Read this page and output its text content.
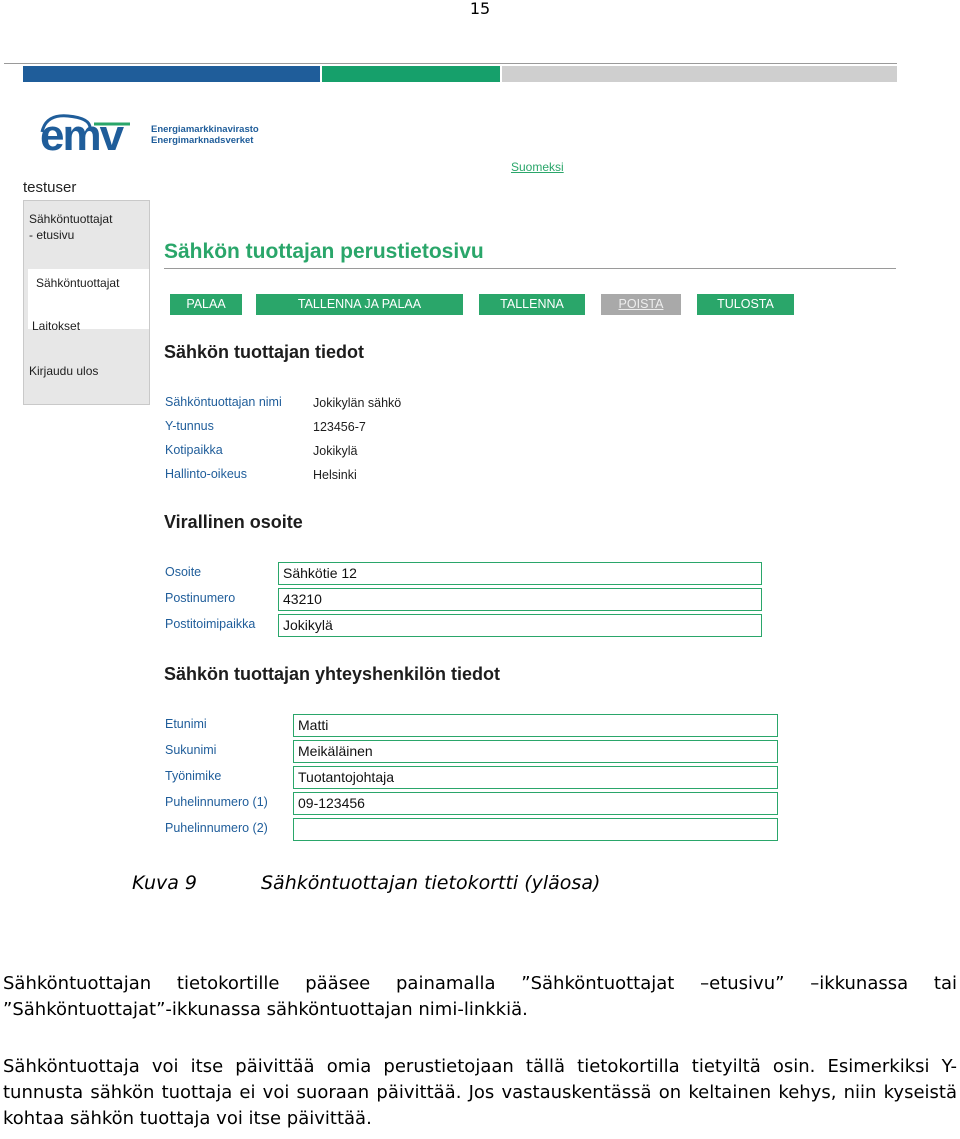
15
emv	Energiamarkkinavirasto
Energimarknadsverket
Suomeksi
testuser
Sähköntuottajat
- etusivu
Sähköntuottajat
Laitokset
Kirjaudu ulos
Sähkön tuottajan perustietosivu
PALAA	TALLENNA JA PALAA	TALLENNA	POISTA	TULOSTA
Sähkön tuottajan tiedot
Sähköntuottajan nimi	Jokikylän sähkö
Y-tunnus	123456-7
Kotipaikka	Jokikylä
Hallinto-oikeus	Helsinki
Virallinen osoite
Osoite	Sähkötie 12
Postinumero	43210
Postitoimipaikka	Jokikylä
Sähkön tuottajan yhteyshenkilön tiedot
Etunimi	Matti
Sukunimi	Meikäläinen
Työnimike	Tuotantojohtaja
Puhelinnumero (1)	09-123456
Puhelinnumero (2)
Kuva 9	Sähköntuottajan tietokortti (yläosa)
Sähköntuottajan tietokortille pääsee painamalla ”Sähköntuottajat –etusivu” –ikkunassa tai ”Sähköntuottajat”-ikkunassa sähköntuottajan nimi-linkkiä.
Sähköntuottaja voi itse päivittää omia perustietojaan tällä tietokortilla tietyiltä osin. Esimerkiksi Y-tunnusta sähkön tuottaja ei voi suoraan päivittää. Jos vastauskentässä on keltainen kehys, niin kyseistä kohtaa sähkön tuottaja voi itse päivittää.
